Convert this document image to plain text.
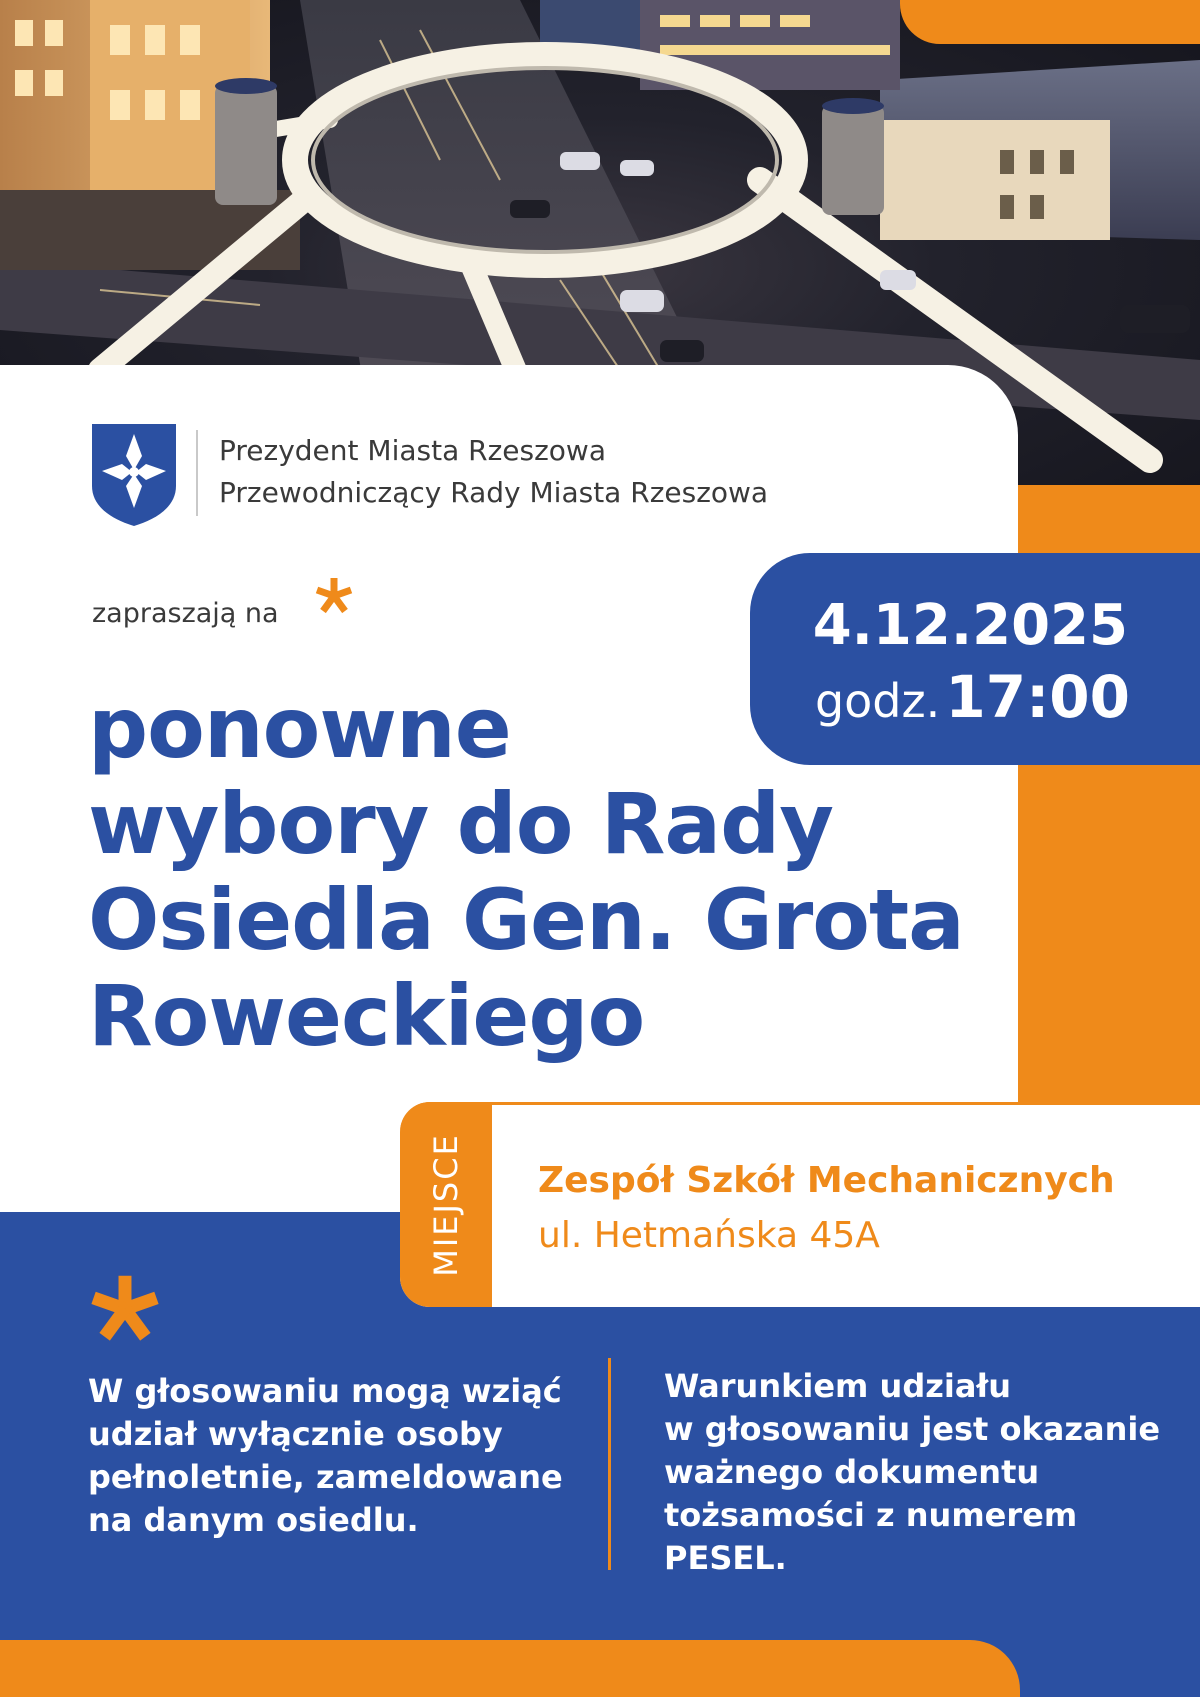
Prezydent Miasta Rzeszowa
Przewodniczący Rady Miasta Rzeszowa
zapraszają na
ponowne
wybory do Rady
Osiedla Gen. Grota
Roweckiego
4.12.2025
godz. 17:00
MIEJSCE Zespół Szkół Mechanicznych
ul. Hetmańska 45A
W głosowaniu mogą wziąć
udział wyłącznie osoby
pełnoletnie, zameldowane
na danym osiedlu.
Warunkiem udziału
w głosowaniu jest okazanie
ważnego dokumentu
tożsamości z numerem
PESEL.
